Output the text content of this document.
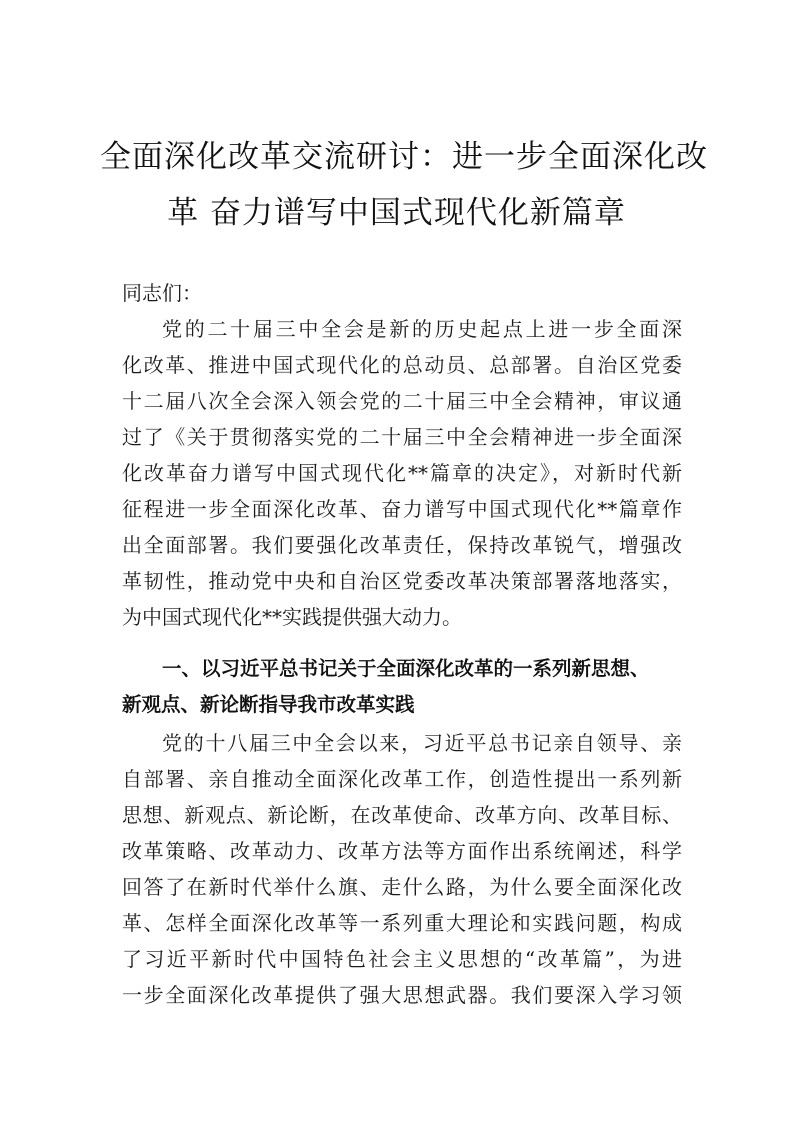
全面深化改革交流研讨：进一步全面深化改
革 奋力谱写中国式现代化新篇章
同志们：
党的二十届三中全会是新的历史起点上进一步全面深
化改革、推进中国式现代化的总动员、总部署。自治区党委
十二届八次全会深入领会党的二十届三中全会精神，审议通
过了《关于贯彻落实党的二十届三中全会精神进一步全面深
化改革奋力谱写中国式现代化**篇章的决定》，对新时代新
征程进一步全面深化改革、奋力谱写中国式现代化**篇章作
出全面部署。我们要强化改革责任，保持改革锐气，增强改
革韧性，推动党中央和自治区党委改革决策部署落地落实，
为中国式现代化**实践提供强大动力。
一、以习近平总书记关于全面深化改革的一系列新思想、
新观点、新论断指导我市改革实践
党的十八届三中全会以来，习近平总书记亲自领导、亲
自部署、亲自推动全面深化改革工作，创造性提出一系列新
思想、新观点、新论断，在改革使命、改革方向、改革目标、
改革策略、改革动力、改革方法等方面作出系统阐述，科学
回答了在新时代举什么旗、走什么路，为什么要全面深化改
革、怎样全面深化改革等一系列重大理论和实践问题，构成
了习近平新时代中国特色社会主义思想的“改革篇”，为进
一步全面深化改革提供了强大思想武器。我们要深入学习领
